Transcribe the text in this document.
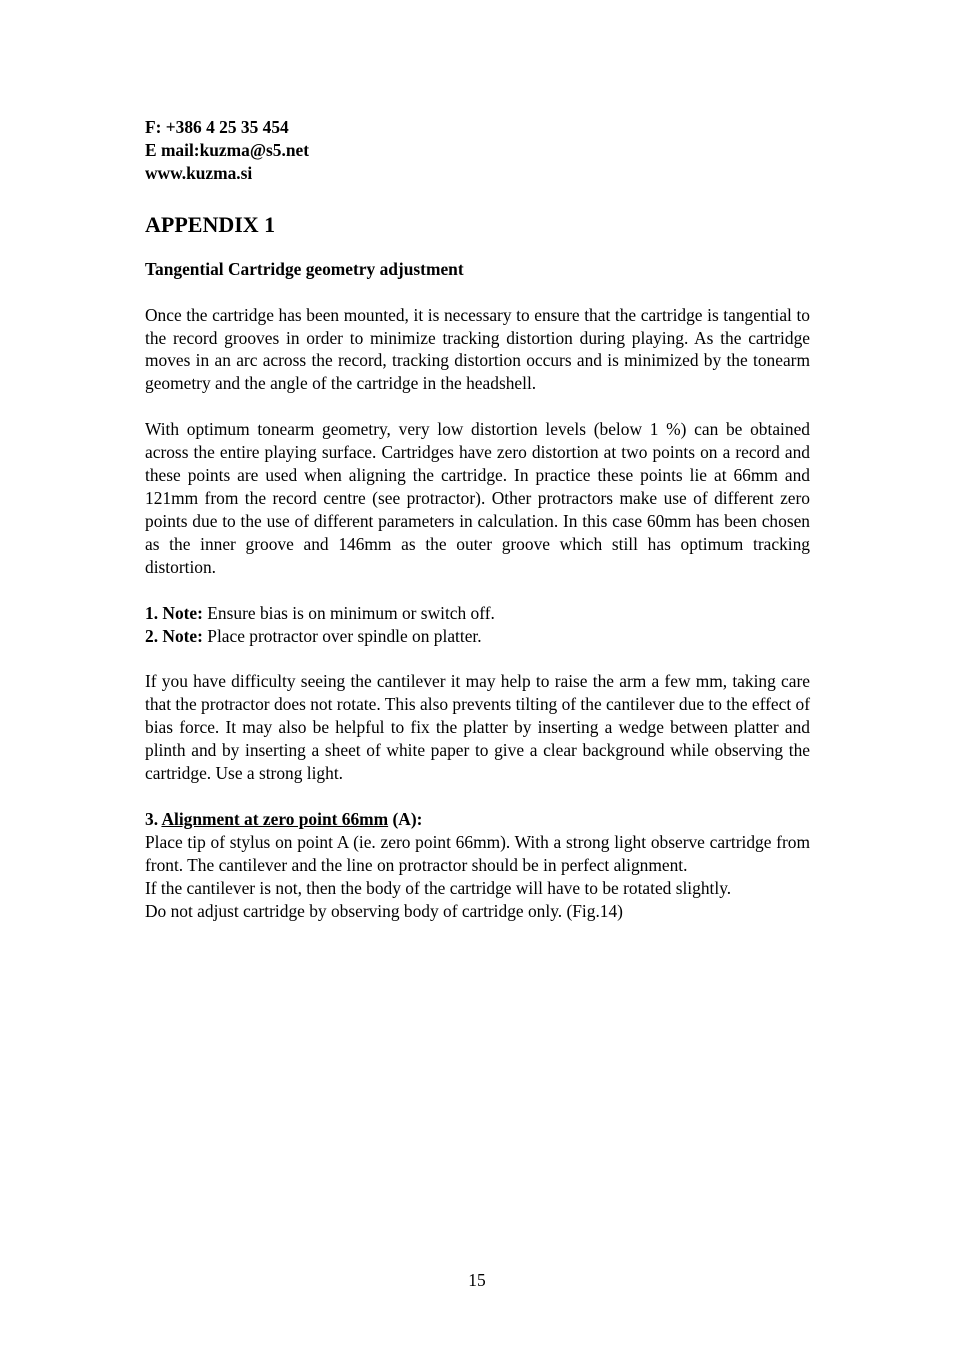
F: +386 4 25 35 454
E mail:kuzma@s5.net
www.kuzma.si
APPENDIX 1
Tangential Cartridge geometry adjustment

Once the cartridge has been mounted, it is necessary to ensure that the cartridge is tangential to the record grooves in order to minimize tracking distortion during playing. As the cartridge moves in an arc across the record, tracking distortion occurs and is minimized by the tonearm geometry and the angle of the cartridge in the headshell.

With optimum tonearm geometry, very low distortion levels (below 1 %) can be obtained across the entire playing surface. Cartridges have zero distortion at two points on a record and these points are used when aligning the cartridge. In practice these points lie at 66mm and 121mm from the record centre (see protractor). Other protractors make use of different zero points due to the use of different parameters in calculation. In this case 60mm has been chosen as the inner groove and 146mm as the outer groove which still has optimum tracking distortion.

1. Note: Ensure bias is on minimum or switch off.
2. Note: Place protractor over spindle on platter.

If you have difficulty seeing the cantilever it may help to raise the arm a few mm, taking care that the protractor does not rotate. This also prevents tilting of the cantilever due to the effect of bias force. It may also be helpful to fix the platter by inserting a wedge between platter and plinth and by inserting a sheet of white paper to give a clear background while observing the cartridge. Use a strong light.

3. Alignment at zero point 66mm (A):

Place tip of stylus on point A (ie. zero point 66mm). With a strong light observe cartridge from front. The cantilever and the line on protractor should be in perfect alignment.

If the cantilever is not, then the body of the cartridge will have to be rotated slightly.
Do not adjust cartridge by observing body of cartridge only. (Fig.14)
15
